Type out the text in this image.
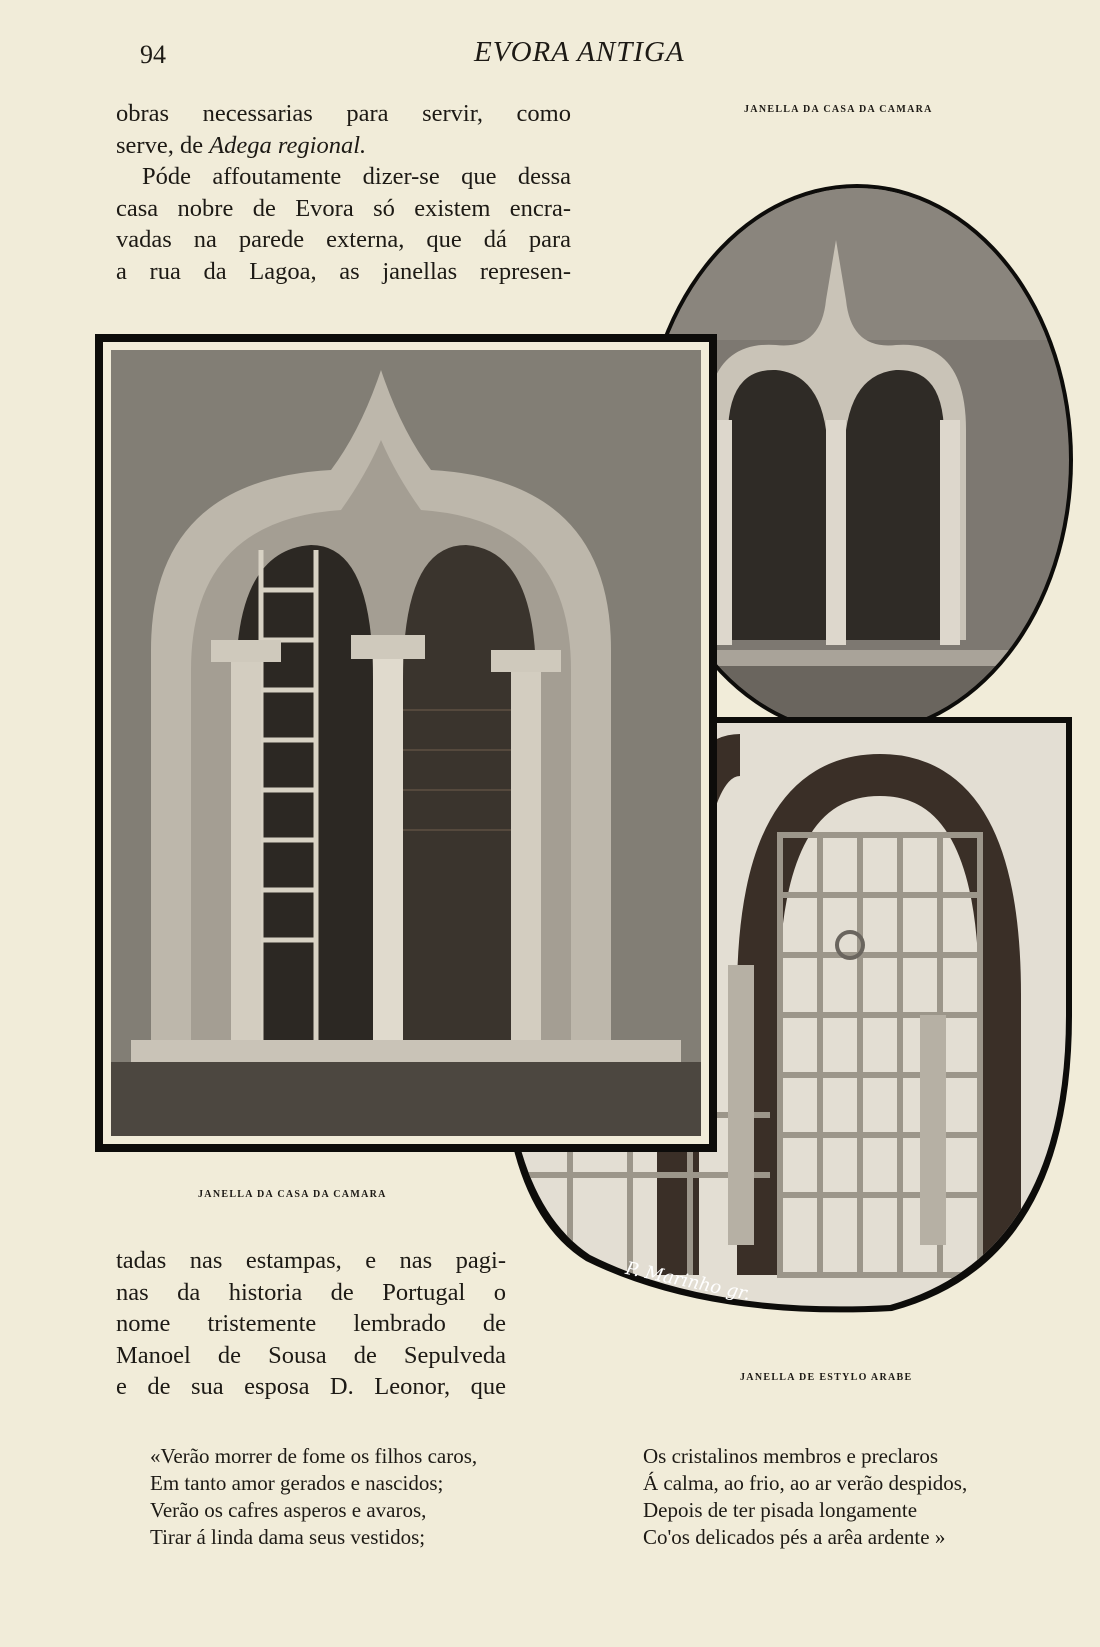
94	EVORA ANTIGA
obras necessarias para servir, como
serve, de Adega regional.
Póde affoutamente dizer-se que dessa
casa nobre de Evora só existem encra-
vadas na parede externa, que dá para
a rua da Lagoa, as janellas represen-
JANELLA DA CASA DA CAMARA
P. Marinho gr.
JANELLA DA CASA DA CAMARA
tadas nas estampas, e nas pagi-
nas da historia de Portugal o
nome tristemente lembrado de
Manoel de Sousa de Sepulveda
e de sua esposa D. Leonor, que	JANELLA DE ESTYLO ARABE
«Verão morrer de fome os filhos caros,
Em tanto amor gerados e nascidos;
Verão os cafres asperos e avaros,
Tirar á linda dama seus vestidos;
Os cristalinos membros e preclaros
Á calma, ao frio, ao ar verão despidos,
Depois de ter pisada longamente
Co'os delicados pés a arêa ardente »
